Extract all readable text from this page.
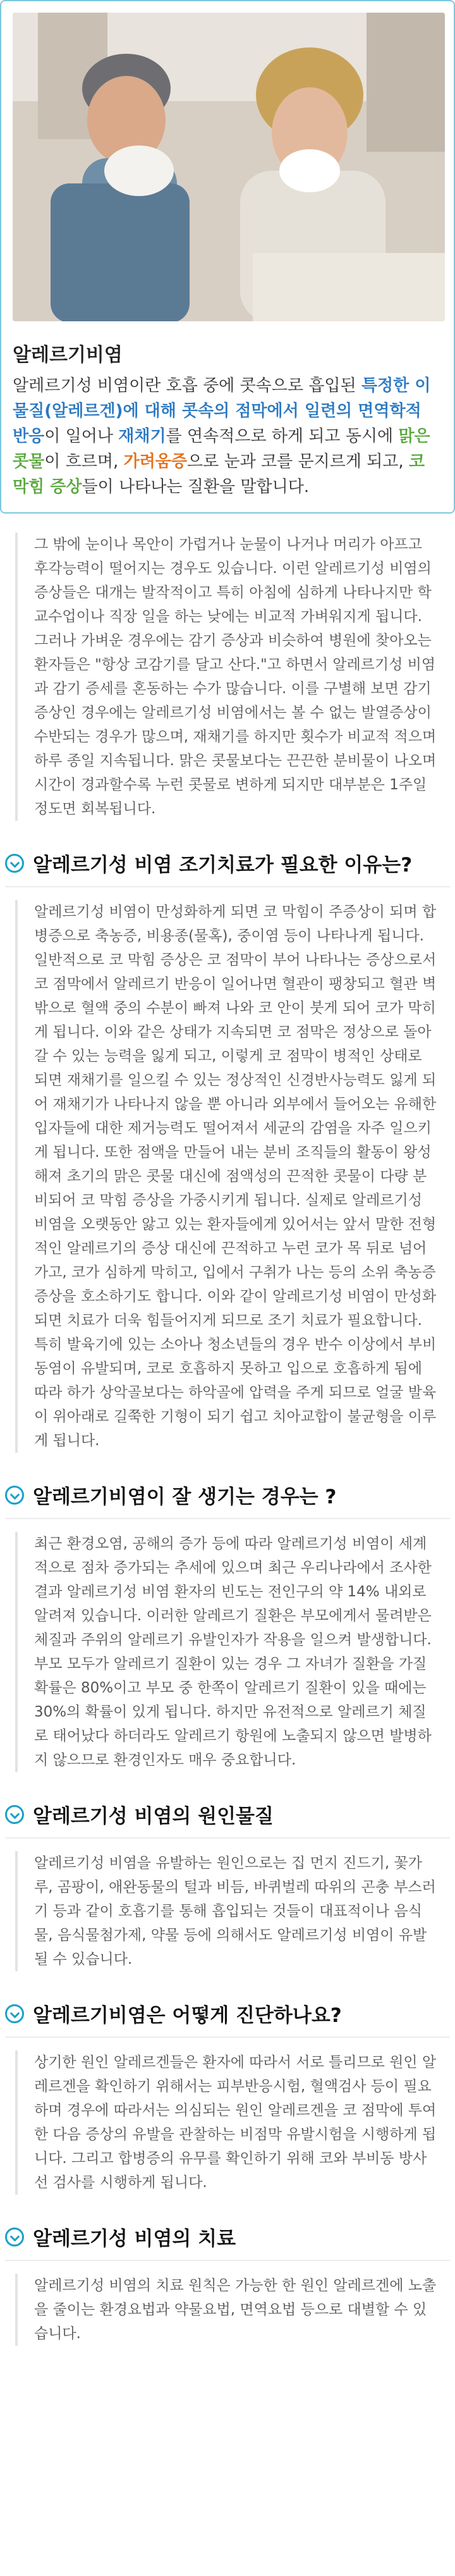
알레르기비염
알레르기성 비염이란 호흡 중에 콧속으로 흡입된 특정한 이물질(알레르겐)에 대해 콧속의 점막에서 일련의 면역학적 반응이 일어나 재채기를 연속적으로 하게 되고 동시에 맑은 콧물이 흐르며, 가려움증으로 눈과 코를 문지르게 되고, 코 막힘 증상들이 나타나는 질환을 말합니다.
그 밖에 눈이나 목안이 가렵거나 눈물이 나거나 머리가 아프고 후각능력이 떨어지는 경우도 있습니다. 이런 알레르기성 비염의 증상들은 대개는 발작적이고 특히 아침에 심하게 나타나지만 학교수업이나 직장 일을 하는 낮에는 비교적 가벼워지게 됩니다. 그러나 가벼운 경우에는 감기 증상과 비슷하여 병원에 찾아오는 환자들은 "항상 코감기를 달고 산다."고 하면서 알레르기성 비염과 감기 증세를 혼동하는 수가 많습니다. 이를 구별해 보면 감기 증상인 경우에는 알레르기성 비염에서는 볼 수 없는 발열증상이 수반되는 경우가 많으며, 재채기를 하지만 횟수가 비교적 적으며 하루 종일 지속됩니다. 맑은 콧물보다는 끈끈한 분비물이 나오며 시간이 경과할수록 누런 콧물로 변하게 되지만 대부분은 1주일 정도면 회복됩니다.
알레르기성 비염 조기치료가 필요한 이유는?
알레르기성 비염이 만성화하게 되면 코 막힘이 주증상이 되며 합병증으로 축농증, 비용종(물혹), 중이염 등이 나타나게 됩니다. 일반적으로 코 막힘 증상은 코 점막이 부어 나타나는 증상으로서 코 점막에서 알레르기 반응이 일어나면 혈관이 팽창되고 혈관 벽 밖으로 혈액 중의 수분이 빠져 나와 코 안이 붓게 되어 코가 막히게 됩니다. 이와 같은 상태가 지속되면 코 점막은 정상으로 돌아갈 수 있는 능력을 잃게 되고, 이렇게 코 점막이 병적인 상태로 되면 재채기를 일으킬 수 있는 정상적인 신경반사능력도 잃게 되어 재채기가 나타나지 않을 뿐 아니라 외부에서 들어오는 유해한 입자들에 대한 제거능력도 떨어져서 세균의 감염을 자주 일으키게 됩니다. 또한 점액을 만들어 내는 분비 조직들의 활동이 왕성해져 초기의 맑은 콧물 대신에 점액성의 끈적한 콧물이 다량 분비되어 코 막힘 증상을 가중시키게 됩니다. 실제로 알레르기성 비염을 오랫동안 앓고 있는 환자들에게 있어서는 앞서 말한 전형적인 알레르기의 증상 대신에 끈적하고 누런 코가 목 뒤로 넘어가고, 코가 심하게 막히고, 입에서 구취가 나는 등의 소위 축농증 증상을 호소하기도 합니다. 이와 같이 알레르기성 비염이 만성화 되면 치료가 더욱 힘들어지게 되므로 조기 치료가 필요합니다. 특히 발육기에 있는 소아나 청소년들의 경우 반수 이상에서 부비동염이 유발되며, 코로 호흡하지 못하고 입으로 호흡하게 됨에 따라 하가 상악골보다는 하악골에 압력을 주게 되므로 얼굴 발육이 위아래로 길쭉한 기형이 되기 쉽고 치아교합이 불균형을 이루게 됩니다.
알레르기비염이 잘 생기는 경우는 ?
최근 환경오염, 공해의 증가 등에 따라 알레르기성 비염이 세계적으로 점차 증가되는 추세에 있으며 최근 우리나라에서 조사한 결과 알레르기성 비염 환자의 빈도는 전인구의 약 14% 내외로 알려져 있습니다. 이러한 알레르기 질환은 부모에게서 물려받은 체질과 주위의 알레르기 유발인자가 작용을 일으켜 발생합니다. 부모 모두가 알레르기 질환이 있는 경우 그 자녀가 질환을 가질 확률은 80%이고 부모 중 한쪽이 알레르기 질환이 있을 때에는 30%의 확률이 있게 됩니다. 하지만 유전적으로 알레르기 체질로 태어났다 하더라도 알레르기 항원에 노출되지 않으면 발병하지 않으므로 환경인자도 매우 중요합니다.
알레르기성 비염의 원인물질
알레르기성 비염을 유발하는 원인으로는 집 먼지 진드기, 꽃가루, 곰팡이, 애완동물의 털과 비듬, 바퀴벌레 따위의 곤충 부스러기 등과 같이 호흡기를 통해 흡입되는 것들이 대표적이나 음식물, 음식물첨가제, 약물 등에 의해서도 알레르기성 비염이 유발될 수 있습니다.
알레르기비염은 어떻게 진단하나요?
상기한 원인 알레르겐들은 환자에 따라서 서로 틀리므로 원인 알레르겐을 확인하기 위해서는 피부반응시험, 혈액검사 등이 필요하며 경우에 따라서는 의심되는 원인 알레르겐을 코 점막에 투여한 다음 증상의 유발을 관찰하는 비점막 유발시험을 시행하게 됩니다. 그리고 합병증의 유무를 확인하기 위해 코와 부비동 방사선 검사를 시행하게 됩니다.
알레르기성 비염의 치료
알레르기성 비염의 치료 원칙은 가능한 한 원인 알레르겐에 노출을 줄이는 환경요법과 약물요법, 면역요법 등으로 대별할 수 있습니다.
